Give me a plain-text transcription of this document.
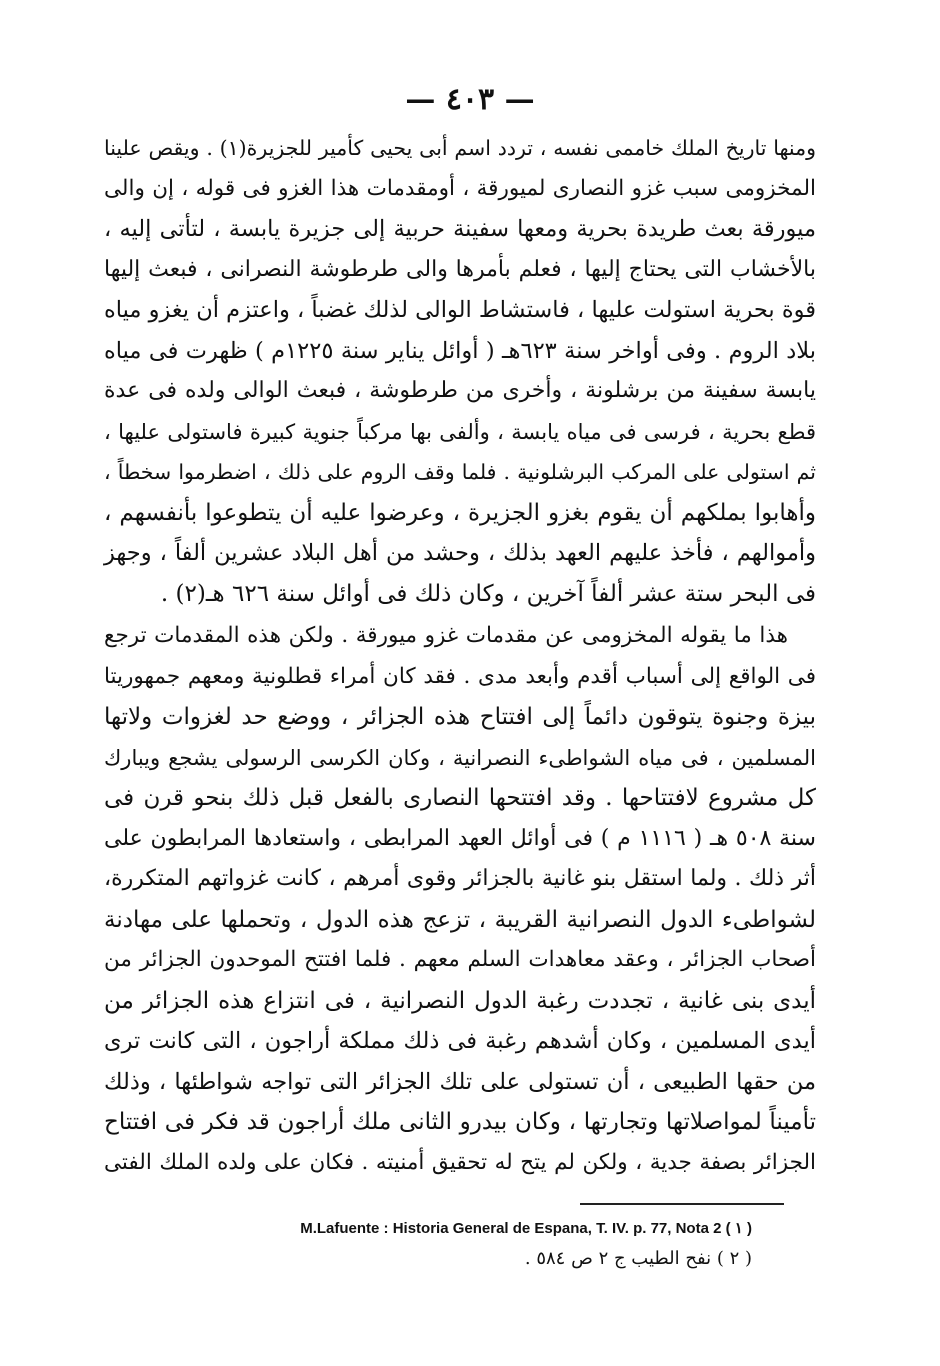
— ٤٠٣ —

ومنها تاريخ الملك خاممى نفسه ، تردد اسم أبى يحيى كأمير للجزيرة(١) . ويقص علينا
المخزومى سبب غزو النصارى لميورقة ، أومقدمات هذا الغزو فى قوله ، إن والى
ميورقة بعث طريدة بحرية ومعها سفينة حربية إلى جزيرة يابسة ، لتأتى إليه ،
بالأخشاب التى يحتاج إليها ، فعلم بأمرها والى طرطوشة النصرانى ، فبعث إليها
قوة بحرية استولت عليها ، فاستشاط الوالى لذلك غضباً ، واعتزم أن يغزو مياه
بلاد الروم . وفى أواخر سنة ٦٢٣هـ ( أوائل يناير سنة ١٢٢٥م ) ظهرت فى مياه
يابسة سفينة من برشلونة ، وأخرى من طرطوشة ، فبعث الوالى ولده فى عدة
قطع بحرية ، فرسى فى مياه يابسة ، وألفى بها مركباً جنوية كبيرة فاستولى عليها ،
ثم استولى على المركب البرشلونية . فلما وقف الروم على ذلك ، اضطرموا سخطاً ،
وأهابوا بملكهم أن يقوم بغزو الجزيرة ، وعرضوا عليه أن يتطوعوا بأنفسهم ،
وأموالهم ، فأخذ عليهم العهد بذلك ، وحشد من أهل البلاد عشرين ألفاً ، وجهز
فى البحر ستة عشر ألفاً آخرين ، وكان ذلك فى أوائل سنة ٦٢٦ هـ(٢) .

هذا ما يقوله المخزومى عن مقدمات غزو ميورقة . ولكن هذه المقدمات ترجع
فى الواقع إلى أسباب أقدم وأبعد مدى . فقد كان أمراء قطلونية ومعهم جمهوريتا
بيزة وجنوة يتوقون دائماً إلى افتتاح هذه الجزائر ، ووضع حد لغزوات ولاتها
المسلمين ، فى مياه الشواطىء النصرانية ، وكان الكرسى الرسولى يشجع ويبارك
كل مشروع لافتتاحها . وقد افتتحها النصارى بالفعل قبل ذلك بنحو قرن فى
سنة ٥٠٨ هـ ( ١١١٦ م ) فى أوائل العهد المرابطى ، واستعادها المرابطون على
أثر ذلك . ولما استقل بنو غانية بالجزائر وقوى أمرهم ، كانت غزواتهم المتكررة،
لشواطىء الدول النصرانية القريبة ، تزعج هذه الدول ، وتحملها على مهادنة
أصحاب الجزائر ، وعقد معاهدات السلم معهم . فلما افتتح الموحدون الجزائر من
أيدى بنى غانية ، تجددت رغبة الدول النصرانية ، فى انتزاع هذه الجزائر من
أيدى المسلمين ، وكان أشدهم رغبة فى ذلك مملكة أراجون ، التى كانت ترى
من حقها الطبيعى ، أن تستولى على تلك الجزائر التى تواجه شواطئها ، وذلك
تأميناً لمواصلاتها وتجارتها ، وكان بيدرو الثانى ملك أراجون قد فكر فى افتتاح
الجزائر بصفة جدية ، ولكن لم يتح له تحقيق أمنيته . فكان على ولده الملك الفتى

M.Lafuente : Historia General de Espana, T. IV. p. 77, Nota 2 ( ١ )
( ٢ ) نفح الطيب ج ٢ ص ٥٨٤ .
